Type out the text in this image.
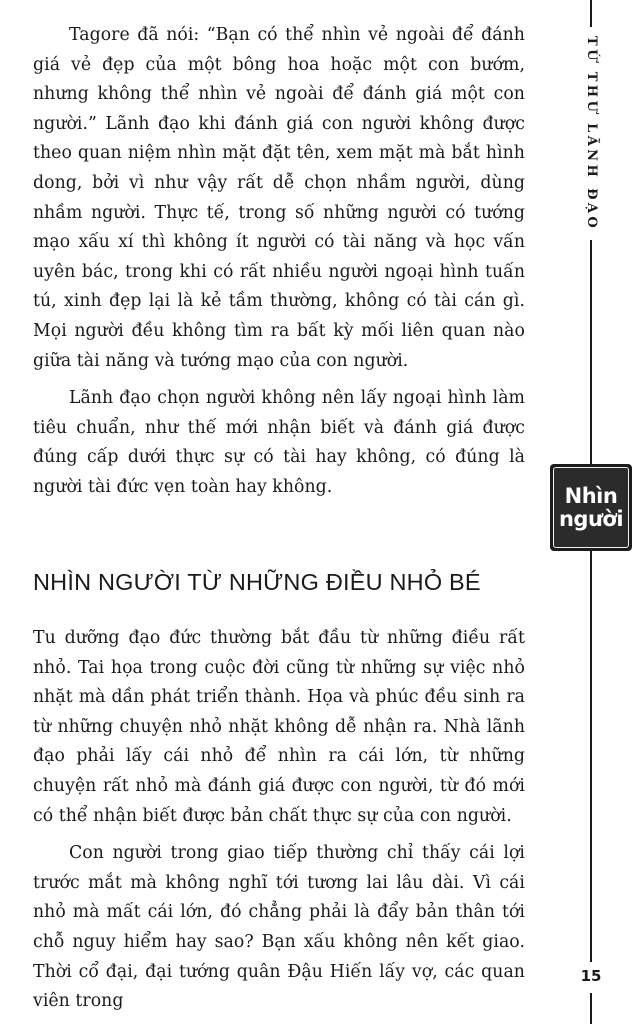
Tagore đã nói: “Bạn có thể nhìn vẻ ngoài để đánh giá vẻ đẹp của một bông hoa hoặc một con bướm, nhưng không thể nhìn vẻ ngoài để đánh giá một con người.” Lãnh đạo khi đánh giá con người không được theo quan niệm nhìn mặt đặt tên, xem mặt mà bắt hình dong, bởi vì như vậy rất dễ chọn nhầm người, dùng nhầm người. Thực tế, trong số những người có tướng mạo xấu xí thì không ít người có tài năng và học vấn uyên bác, trong khi có rất nhiều người ngoại hình tuấn tú, xinh đẹp lại là kẻ tầm thường, không có tài cán gì. Mọi người đều không tìm ra bất kỳ mối liên quan nào giữa tài năng và tướng mạo của con người.

Lãnh đạo chọn người không nên lấy ngoại hình làm tiêu chuẩn, như thế mới nhận biết và đánh giá được đúng cấp dưới thực sự có tài hay không, có đúng là người tài đức vẹn toàn hay không.

NHÌN NGƯỜI TỪ NHỮNG ĐIỀU NHỎ BÉ

Tu dưỡng đạo đức thường bắt đầu từ những điều rất nhỏ. Tai họa trong cuộc đời cũng từ những sự việc nhỏ nhặt mà dần phát triển thành. Họa và phúc đều sinh ra từ những chuyện nhỏ nhặt không dễ nhận ra. Nhà lãnh đạo phải lấy cái nhỏ để nhìn ra cái lớn, từ những chuyện rất nhỏ mà đánh giá được con người, từ đó mới có thể nhận biết được bản chất thực sự của con người.

Con người trong giao tiếp thường chỉ thấy cái lợi trước mắt mà không nghĩ tới tương lai lâu dài. Vì cái nhỏ mà mất cái lớn, đó chẳng phải là đẩy bản thân tới chỗ nguy hiểm hay sao? Bạn xấu không nên kết giao. Thời cổ đại, đại tướng quân Đậu Hiến lấy vợ, các quan viên trong

TỨ THƯ LÃNH ĐẠO
Nhìn
người
15
